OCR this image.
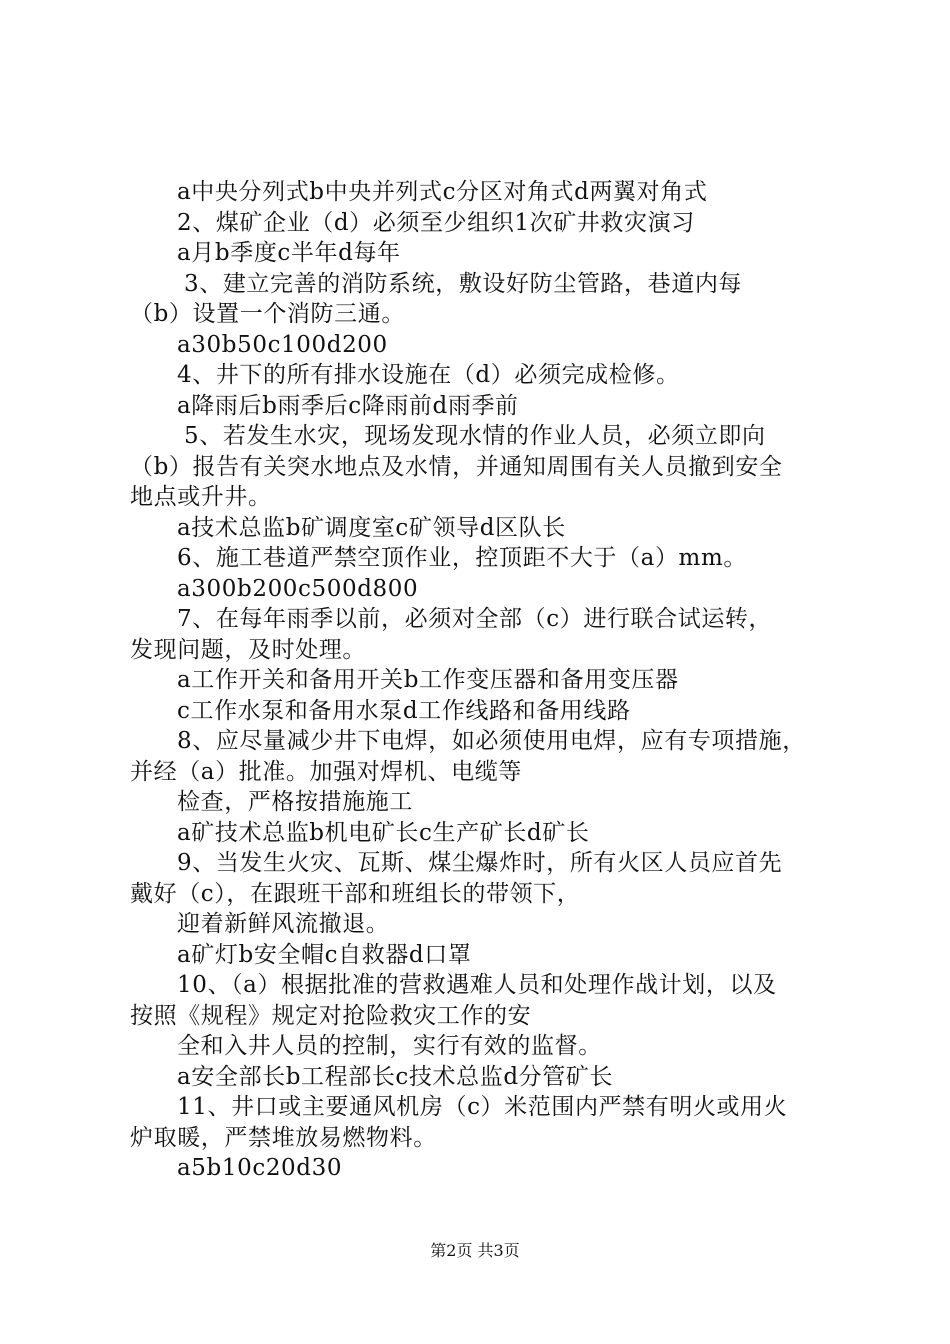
a中央分列式b中央并列式c分区对角式d两翼对角式
2、煤矿企业（d）必须至少组织1次矿井救灾演习
a月b季度c半年d每年
3、建立完善的消防系统，敷设好防尘管路，巷道内每
（b）设置一个消防三通。
a30b50c100d200
4、井下的所有排水设施在（d）必须完成检修。
a降雨后b雨季后c降雨前d雨季前
5、若发生水灾，现场发现水情的作业人员，必须立即向
（b）报告有关突水地点及水情，并通知周围有关人员撤到安全
地点或升井。
a技术总监b矿调度室c矿领导d区队长
6、施工巷道严禁空顶作业，控顶距不大于（a）mm。
a300b200c500d800
7、在每年雨季以前，必须对全部（c）进行联合试运转，
发现问题，及时处理。
a工作开关和备用开关b工作变压器和备用变压器
c工作水泵和备用水泵d工作线路和备用线路
8、应尽量减少井下电焊，如必须使用电焊，应有专项措施，
并经（a）批准。加强对焊机、电缆等
检查，严格按措施施工
a矿技术总监b机电矿长c生产矿长d矿长
9、当发生火灾、瓦斯、煤尘爆炸时，所有火区人员应首先
戴好（c），在跟班干部和班组长的带领下，
迎着新鲜风流撤退。
a矿灯b安全帽c自救器d口罩
10、（a）根据批准的营救遇难人员和处理作战计划，以及
按照《规程》规定对抢险救灾工作的安
全和入井人员的控制，实行有效的监督。
a安全部长b工程部长c技术总监d分管矿长
11、井口或主要通风机房（c）米范围内严禁有明火或用火
炉取暖，严禁堆放易燃物料。
a5b10c20d30
第2页 共3页
